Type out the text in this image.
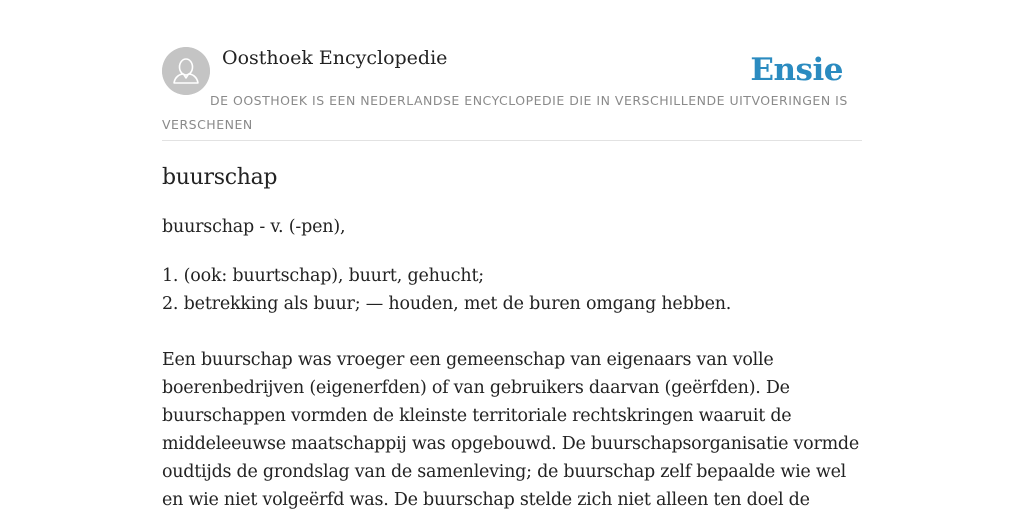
Oosthoek Encyclopedie	Ensie
DE OOSTHOEK IS EEN NEDERLANDSE ENCYCLOPEDIE DIE IN VERSCHILLENDE UITVOERINGEN IS VERSCHENEN
buurschap

buurschap - v. (-pen),

1. (ook: buurtschap), buurt, gehucht;
2. betrekking als buur; — houden, met de buren omgang hebben.

Een buurschap was vroeger een gemeenschap van eigenaars van volle
boerenbedrijven (eigenerfden) of van gebruikers daarvan (geërfden). De
buurschappen vormden de kleinste territoriale rechtskringen waaruit de
middeleeuwse maatschappij was opgebouwd. De buurschapsorganisatie vormde
oudtijds de grondslag van de samenleving; de buurschap zelf bepaalde wie wel
en wie niet volgeërfd was. De buurschap stelde zich niet alleen ten doel de
